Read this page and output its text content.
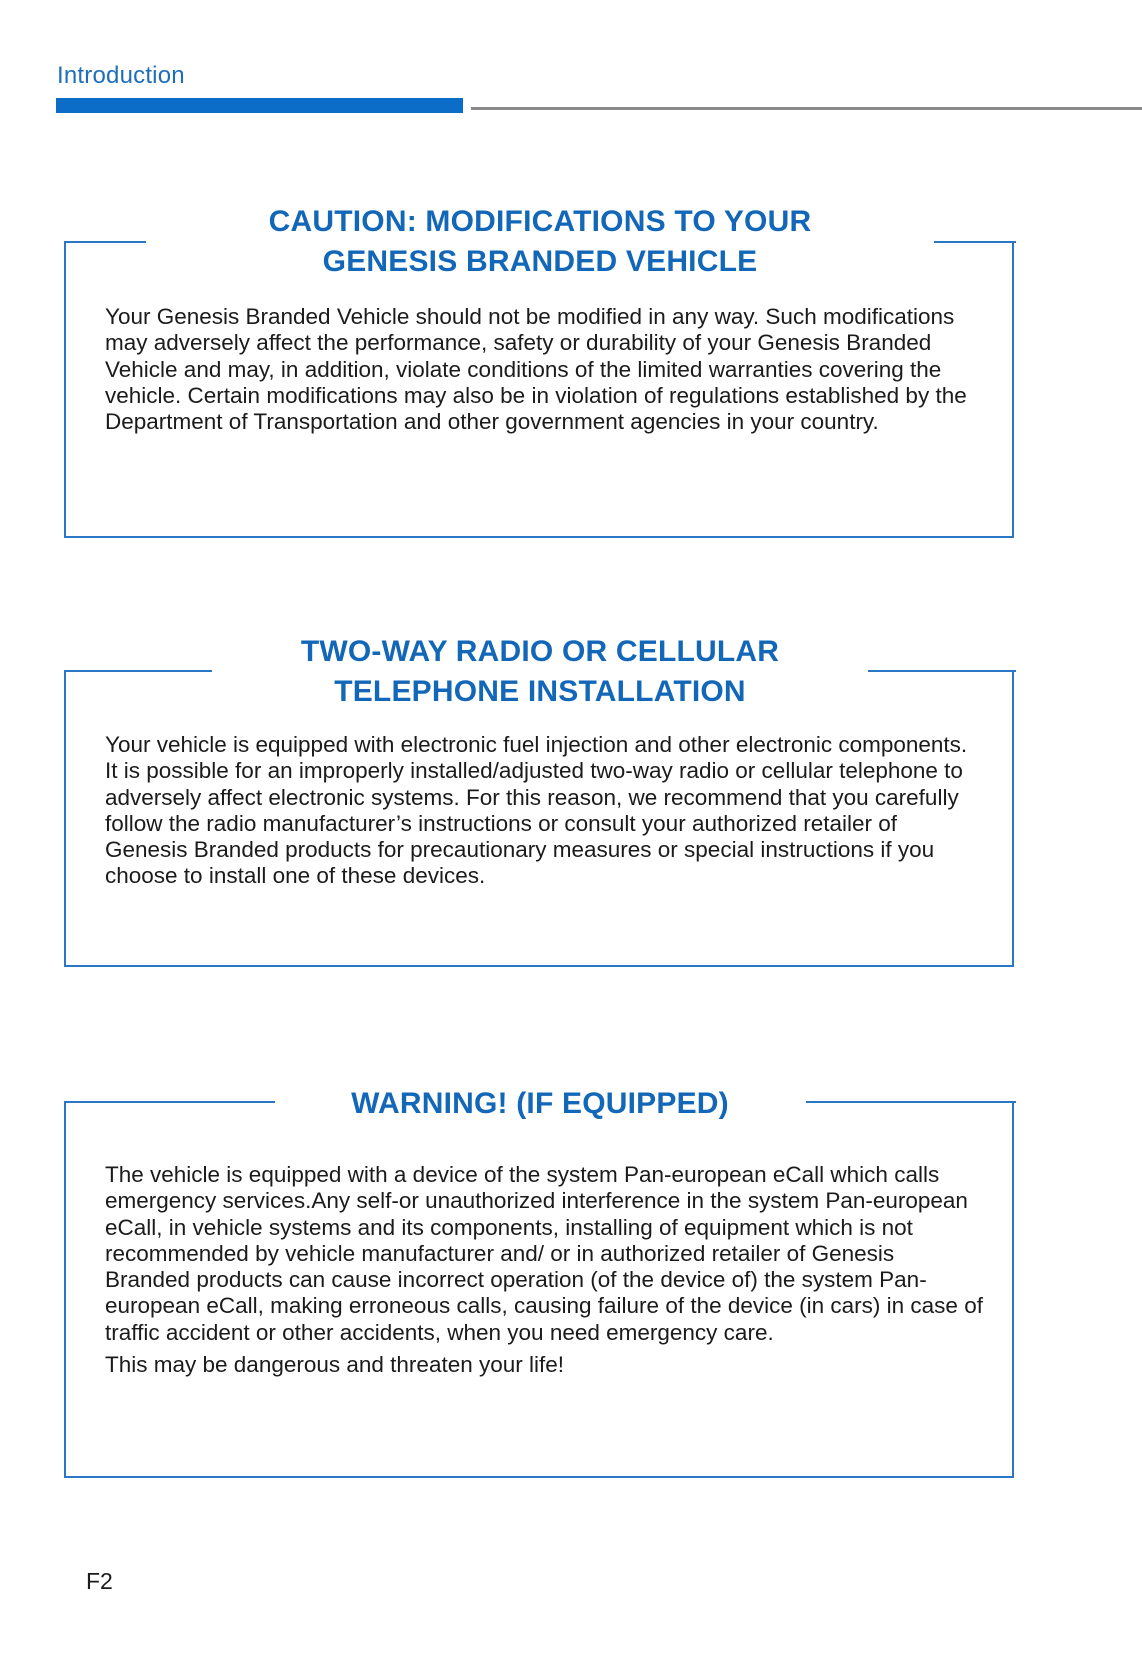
Introduction
CAUTION: MODIFICATIONS TO YOUR
GENESIS BRANDED VEHICLE

Your Genesis Branded Vehicle should not be modified in any way. Such modifications may adversely affect the performance, safety or durability of your Genesis Branded Vehicle and may, in addition, violate conditions of the limited warranties covering the vehicle. Certain modifications may also be in violation of regulations established by the Department of Transportation and other government agencies in your country.

TWO-WAY RADIO OR CELLULAR
TELEPHONE INSTALLATION

Your vehicle is equipped with electronic fuel injection and other electronic components. It is possible for an improperly installed/adjusted two-way radio or cellular telephone to adversely affect electronic systems. For this reason, we recommend that you carefully follow the radio manufacturer’s instructions or consult your authorized retailer of Genesis Branded products for precautionary measures or special instructions if you choose to install one of these devices.

WARNING! (IF EQUIPPED)

The vehicle is equipped with a device of the system Pan-european eCall which calls emergency services.Any self-or unauthorized interference in the system Pan-european eCall, in vehicle systems and its components, installing of equipment which is not recommended by vehicle manufacturer and/ or in authorized retailer of Genesis Branded products can cause incorrect operation (of the device of) the system Pan-european eCall, making erroneous calls, causing failure of the device (in cars) in case of traffic accident or other accidents, when you need emergency care.

This may be dangerous and threaten your life!

F2
